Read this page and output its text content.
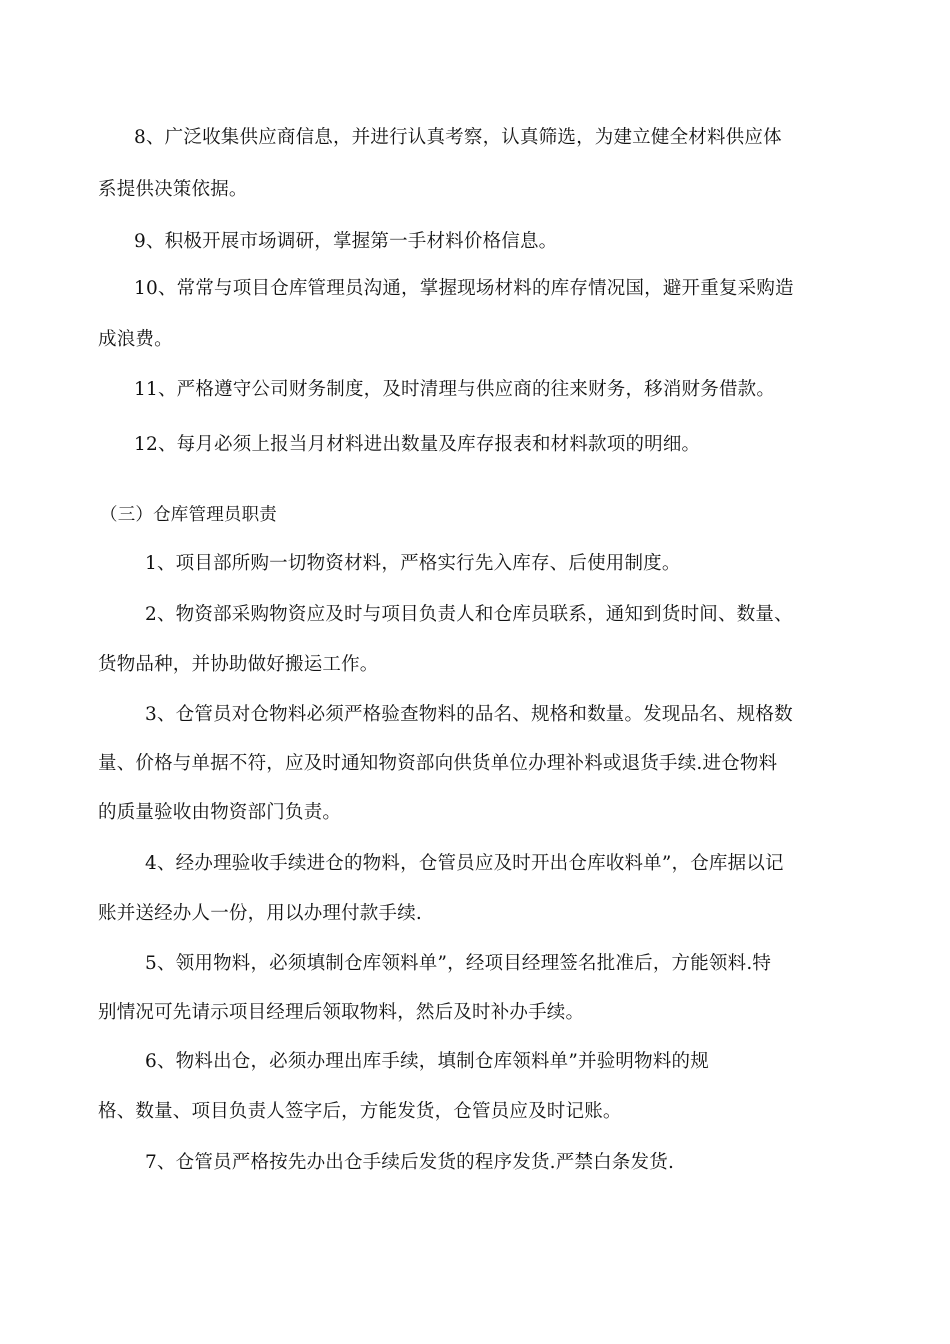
8、广泛收集供应商信息，并进行认真考察，认真筛选，为建立健全材料供应体
系提供决策依据。
9、积极开展市场调研，掌握第一手材料价格信息。
10、常常与项目仓库管理员沟通，掌握现场材料的库存情况国，避开重复采购造
成浪费。
11、严格遵守公司财务制度，及时清理与供应商的往来财务，移消财务借款。
12、每月必须上报当月材料进出数量及库存报表和材料款项的明细。
（三）仓库管理员职责
1、项目部所购一切物资材料，严格实行先入库存、后使用制度。
2、物资部采购物资应及时与项目负责人和仓库员联系，通知到货时间、数量、
货物品种，并协助做好搬运工作。
3、仓管员对仓物料必须严格验查物料的品名、规格和数量。发现品名、规格数
量、价格与单据不符，应及时通知物资部向供货单位办理补料或退货手续.进仓物料
的质量验收由物资部门负责。
4、经办理验收手续进仓的物料，仓管员应及时开出仓库收料单”，仓库据以记
账并送经办人一份，用以办理付款手续.
5、领用物料，必须填制仓库领料单”，经项目经理签名批准后，方能领料.特
别情况可先请示项目经理后领取物料，然后及时补办手续。
6、物料出仓，必须办理出库手续，填制仓库领料单”并验明物料的规
格、数量、项目负责人签字后，方能发货，仓管员应及时记账。
7、仓管员严格按先办出仓手续后发货的程序发货.严禁白条发货.
